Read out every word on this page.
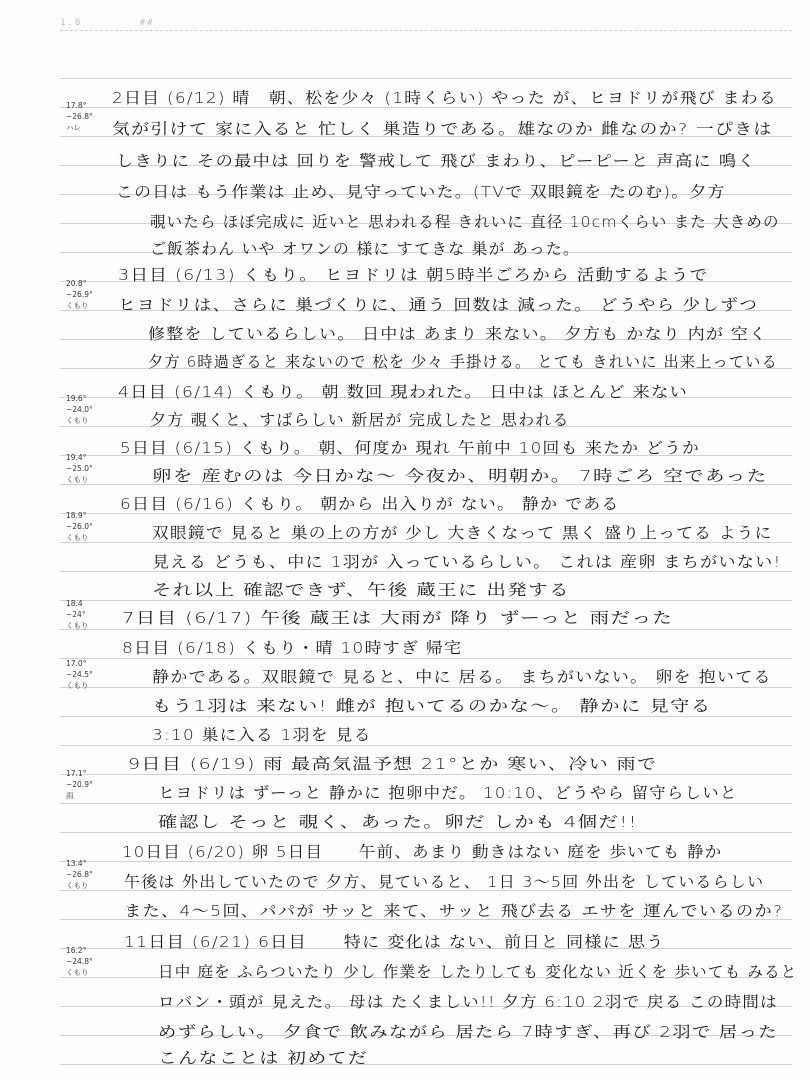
1.8	##
17.8°
~26.8°
ハレ
20.8°
~26.9°
くもり
19.6°
~24.0°
くもり
19.4°
~25.0°
くもり
18.9°
~26.0°
くもり
18.4
~24°
くもり
17.0°
~24.5°
くもり
17.1°
~20.9°
雨
13.4°
~26.8°
くもり
16.2°
~24.8°
くもり
2日目 (6/12) 晴　朝、松を少々 (1時くらい) やった が、ヒヨドリが飛び まわる
気が引けて 家に入ると 忙しく 巣造りである。雄なのか 雌なのか? 一ぴきは
しきりに その最中は 回りを 警戒して 飛び まわり、ピーピーと 声高に 鳴く
この日は もう作業は 止め、見守っていた。(TVで 双眼鏡を たのむ)。夕方
覗いたら ほぼ完成に 近いと 思われる程 きれいに 直径 10cmくらい また 大きめの
ご飯茶わん いや オワンの 様に すてきな 巣が あった。
3日目 (6/13) くもり。 ヒヨドリは 朝5時半ごろから 活動するようで
ヒヨドリは、さらに 巣づくりに、通う 回数は 減った。 どうやら 少しずつ
修整を しているらしい。 日中は あまり 来ない。 夕方も かなり 内が 空く
夕方 6時過ぎると 来ないので 松を 少々 手掛ける。 とても きれいに 出来上っている
4日目 (6/14) くもり。 朝 数回 現われた。 日中は ほとんど 来ない
夕方 覗くと、すばらしい 新居が 完成したと 思われる
5日目 (6/15) くもり。 朝、何度か 現れ 午前中 10回も 来たか どうか
卵を 産むのは 今日かな〜 今夜か、明朝か。 7時ごろ 空であった
6日目 (6/16) くもり。 朝から 出入りが ない。 静か である
双眼鏡で 見ると 巣の上の方が 少し 大きくなって 黒く 盛り上ってる ように
見える どうも、中に 1羽が 入っているらしい。 これは 産卵 まちがいない!
それ以上 確認できず、午後 蔵王に 出発する
7日目 (6/17) 午後 蔵王は 大雨が 降り ずーっと 雨だった
8日目 (6/18) くもり・晴 10時すぎ 帰宅
静かである。双眼鏡で 見ると、中に 居る。 まちがいない。 卵を 抱いてる
もう1羽は 来ない! 雌が 抱いてるのかな〜。 静かに 見守る
3:10 巣に入る 1羽を 見る
9日目 (6/19) 雨 最高気温予想 21°とか 寒い、冷い 雨で
ヒヨドリは ずーっと 静かに 抱卵中だ。 10:10、どうやら 留守らしいと
確認し そっと 覗く、あった。卵だ しかも 4個だ!!
10日目 (6/20) 卵 5日目　　午前、あまり 動きはない 庭を 歩いても 静か
午後は 外出していたので 夕方、見ていると、 1日 3〜5回 外出を しているらしい
また、4〜5回、パパが サッと 来て、サッと 飛び去る エサを 運んでいるのか?
11日目 (6/21) 6日目　　特に 変化は ない、前日と 同様に 思う
日中 庭を ふらついたり 少し 作業を したりしても 変化ない 近くを 歩いても みると
ロバン・頭が 見えた。 母は たくましい!! 夕方 6:10 2羽で 戻る この時間は
めずらしい。 夕食で 飲みながら 居たら 7時すぎ、再び 2羽で 居った
こんなことは 初めてだ
